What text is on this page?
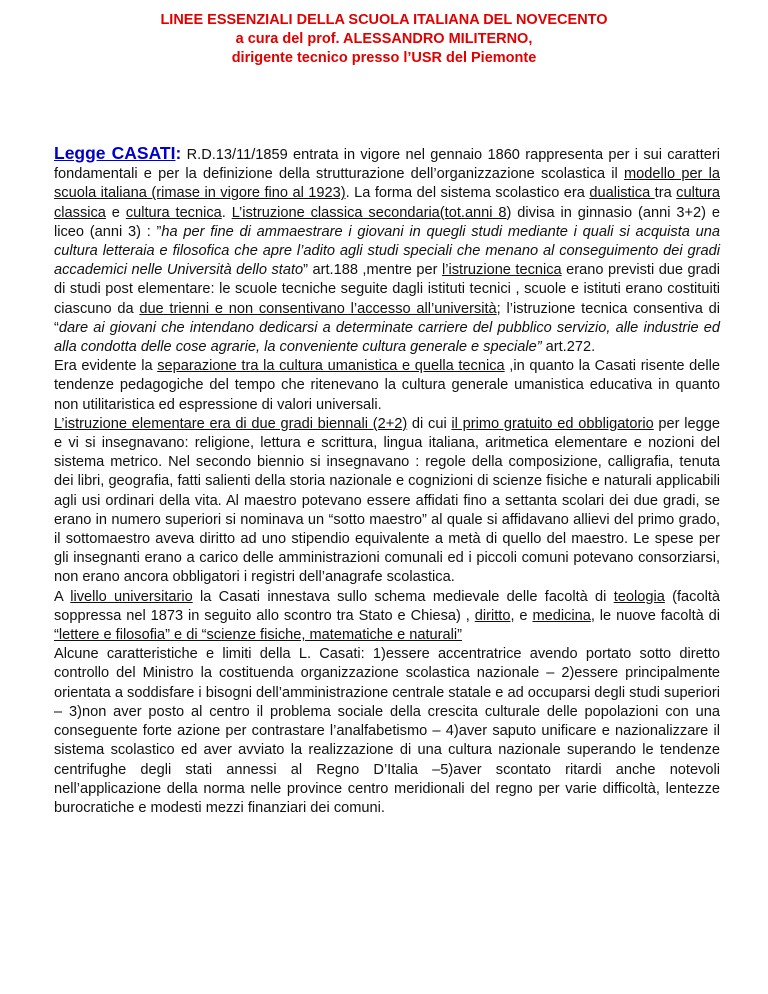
LINEE ESSENZIALI DELLA SCUOLA ITALIANA DEL NOVECENTO
a cura del prof. ALESSANDRO MILITERNO,
dirigente tecnico presso l’USR del Piemonte

Legge CASATI: R.D.13/11/1859 entrata in vigore nel gennaio 1860 rappresenta per i sui caratteri fondamentali e per la definizione della strutturazione dell’organizzazione scolastica il modello per la scuola italiana (rimase in vigore fino al 1923). La forma del sistema scolastico era dualistica tra cultura classica e cultura tecnica. L’istruzione classica secondaria(tot.anni 8) divisa in ginnasio (anni 3+2) e liceo (anni 3) : ”ha per fine di ammaestrare i giovani in quegli studi mediante i quali si acquista una cultura letteraia e filosofica che apre l’adito agli studi speciali che menano al conseguimento dei gradi accademici nelle Università dello stato” art.188 ,mentre per l’istruzione tecnica erano previsti due gradi di studi post elementare: le scuole tecniche seguite dagli istituti tecnici , scuole e istituti erano costituiti ciascuno da due trienni e non consentivano l’accesso all’università; l’istruzione tecnica consentiva di “dare ai giovani che intendano dedicarsi a determinate carriere del pubblico servizio, alle industrie ed alla condotta delle cose agrarie, la conveniente cultura generale e speciale” art.272.

Era evidente la separazione tra la cultura umanistica e quella tecnica ,in quanto la Casati risente delle tendenze pedagogiche del tempo che ritenevano la cultura generale umanistica educativa in quanto non utilitaristica ed espressione di valori universali.

L’istruzione elementare era di due gradi biennali (2+2) di cui il primo gratuito ed obbligatorio per legge e vi si insegnavano: religione, lettura e scrittura, lingua italiana, aritmetica elementare e nozioni del sistema metrico. Nel secondo biennio si insegnavano : regole della composizione, calligrafia, tenuta dei libri, geografia, fatti salienti della storia nazionale e cognizioni di scienze fisiche e naturali applicabili agli usi ordinari della vita. Al maestro potevano essere affidati fino a settanta scolari dei due gradi, se erano in numero superiori si nominava un “sotto maestro” al quale si affidavano allievi del primo grado, il sottomaestro aveva diritto ad uno stipendio equivalente a metà di quello del maestro. Le spese per gli insegnanti erano a carico delle amministrazioni comunali ed i piccoli comuni potevano consorziarsi, non erano ancora obbligatori i registri dell’anagrafe scolastica.

A livello universitario la Casati innestava sullo schema medievale delle facoltà di teologia (facoltà soppressa nel 1873 in seguito allo scontro tra Stato e Chiesa) , diritto, e medicina, le nuove facoltà di “lettere e filosofia” e di “scienze fisiche, matematiche e naturali”

Alcune caratteristiche e limiti della L. Casati: 1)essere accentratrice avendo portato sotto diretto controllo del Ministro la costituenda organizzazione scolastica nazionale – 2)essere principalmente orientata a soddisfare i bisogni dell’amministrazione centrale statale e ad occuparsi degli studi superiori – 3)non aver posto al centro il problema sociale della crescita culturale delle popolazioni con una conseguente forte azione per contrastare l’analfabetismo – 4)aver saputo unificare e nazionalizzare il sistema scolastico ed aver avviato la realizzazione di una cultura nazionale superando le tendenze centrifughe degli stati annessi al Regno D’Italia –5)aver scontato ritardi anche notevoli nell’applicazione della norma nelle province centro meridionali del regno per varie difficoltà, lentezze burocratiche e modesti mezzi finanziari dei comuni.
